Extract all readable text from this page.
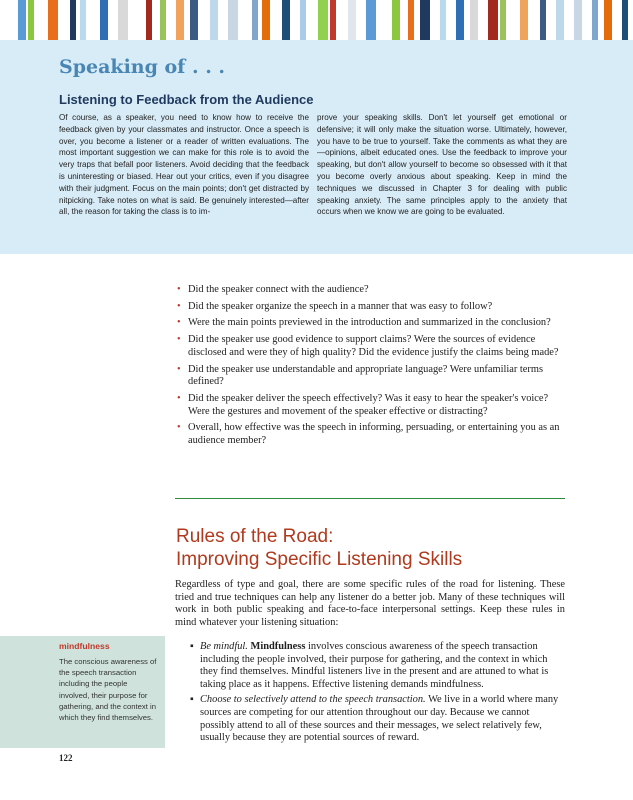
Speaking of . . .
Listening to Feedback from the Audience

Of course, as a speaker, you need to know how to receive the feedback given by your classmates and instructor. Once a speech is over, you become a listener or a reader of written evaluations. The most important suggestion we can make for this role is to avoid the very traps that befall poor listeners. Avoid deciding that the feedback is uninteresting or biased. Hear out your critics, even if you disagree with their judgment. Focus on the main points; don't get distracted by nitpicking. Take notes on what is said. Be genuinely interested—after all, the reason for taking the class is to im-

prove your speaking skills. Don't let yourself get emotional or defensive; it will only make the situation worse. Ultimately, however, you have to be true to yourself. Take the comments as what they are—opinions, albeit educated ones. Use the feedback to improve your speaking, but don't allow yourself to become so obsessed with it that you become overly anxious about speaking. Keep in mind the techniques we discussed in Chapter 3 for dealing with public speaking anxiety. The same principles apply to the anxiety that occurs when we know we are going to be evaluated.

• Did the speaker connect with the audience?
• Did the speaker organize the speech in a manner that was easy to follow?
• Were the main points previewed in the introduction and summarized in the conclusion?
• Did the speaker use good evidence to support claims? Were the sources of evidence disclosed and were they of high quality? Did the evidence justify the claims being made?
• Did the speaker use understandable and appropriate language? Were unfamiliar terms defined?
• Did the speaker deliver the speech effectively? Was it easy to hear the speaker's voice? Were the gestures and movement of the speaker effective or distracting?
• Overall, how effective was the speech in informing, persuading, or entertaining you as an audience member?
Rules of the Road:
Improving Specific Listening Skills

Regardless of type and goal, there are some specific rules of the road for listening. These tried and true techniques can help any listener do a better job. Many of these techniques will work in both public speaking and face-to-face interpersonal settings. Keep these rules in mind whatever your listening situation:

▪ Be mindful. Mindfulness involves conscious awareness of the speech transaction including the people involved, their purpose for gathering, and the context in which they find themselves. Mindful listeners live in the present and are attuned to what is taking place as it happens. Effective listening demands mindfulness.
▪ Choose to selectively attend to the speech transaction. We live in a world where many sources are competing for our attention throughout our day. Because we cannot possibly attend to all of these sources and their messages, we select relatively few, usually because they are potential sources of reward.
mindfulness

The conscious awareness of the speech transaction including the people involved, their purpose for gathering, and the context in which they find themselves.

122
